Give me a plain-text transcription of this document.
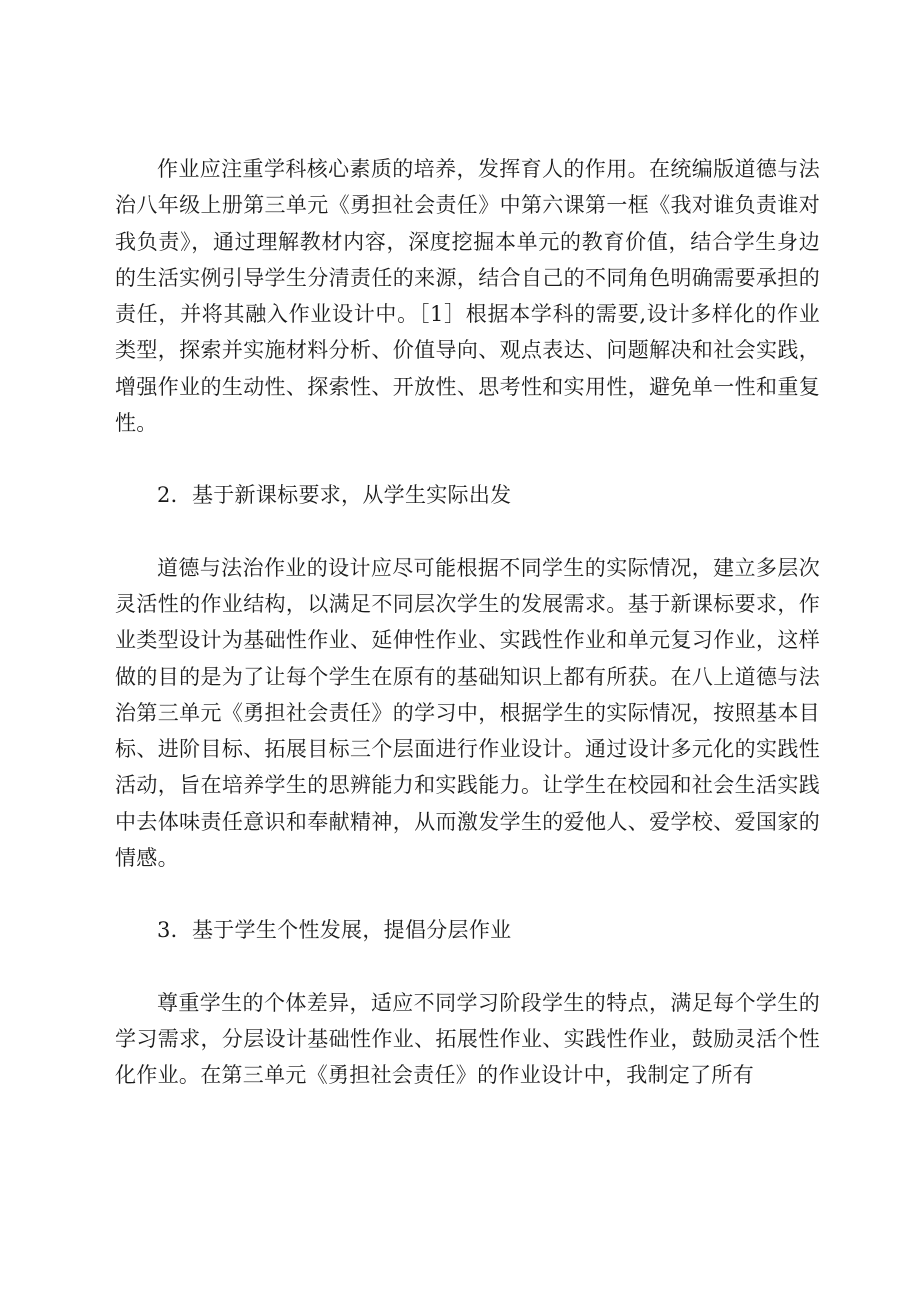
作业应注重学科核心素质的培养，发挥育人的作用。在统编版道德与法治八年级上册第三单元《勇担社会责任》中第六课第一框《我对谁负责谁对我负责》，通过理解教材内容，深度挖掘本单元的教育价值，结合学生身边的生活实例引导学生分清责任的来源，结合自己的不同角色明确需要承担的责任，并将其融入作业设计中。［1］根据本学科的需要,设计多样化的作业类型，探索并实施材料分析、价值导向、观点表达、问题解决和社会实践，增强作业的生动性、探索性、开放性、思考性和实用性，避免单一性和重复性。

2．基于新课标要求，从学生实际出发

道德与法治作业的设计应尽可能根据不同学生的实际情况，建立多层次灵活性的作业结构，以满足不同层次学生的发展需求。基于新课标要求，作业类型设计为基础性作业、延伸性作业、实践性作业和单元复习作业，这样做的目的是为了让每个学生在原有的基础知识上都有所获。在八上道德与法治第三单元《勇担社会责任》的学习中，根据学生的实际情况，按照基本目标、进阶目标、拓展目标三个层面进行作业设计。通过设计多元化的实践性活动，旨在培养学生的思辨能力和实践能力。让学生在校园和社会生活实践中去体味责任意识和奉献精神，从而激发学生的爱他人、爱学校、爱国家的情感。

3．基于学生个性发展，提倡分层作业

尊重学生的个体差异，适应不同学习阶段学生的特点，满足每个学生的学习需求，分层设计基础性作业、拓展性作业、实践性作业，鼓励灵活个性化作业。在第三单元《勇担社会责任》的作业设计中，我制定了所有
